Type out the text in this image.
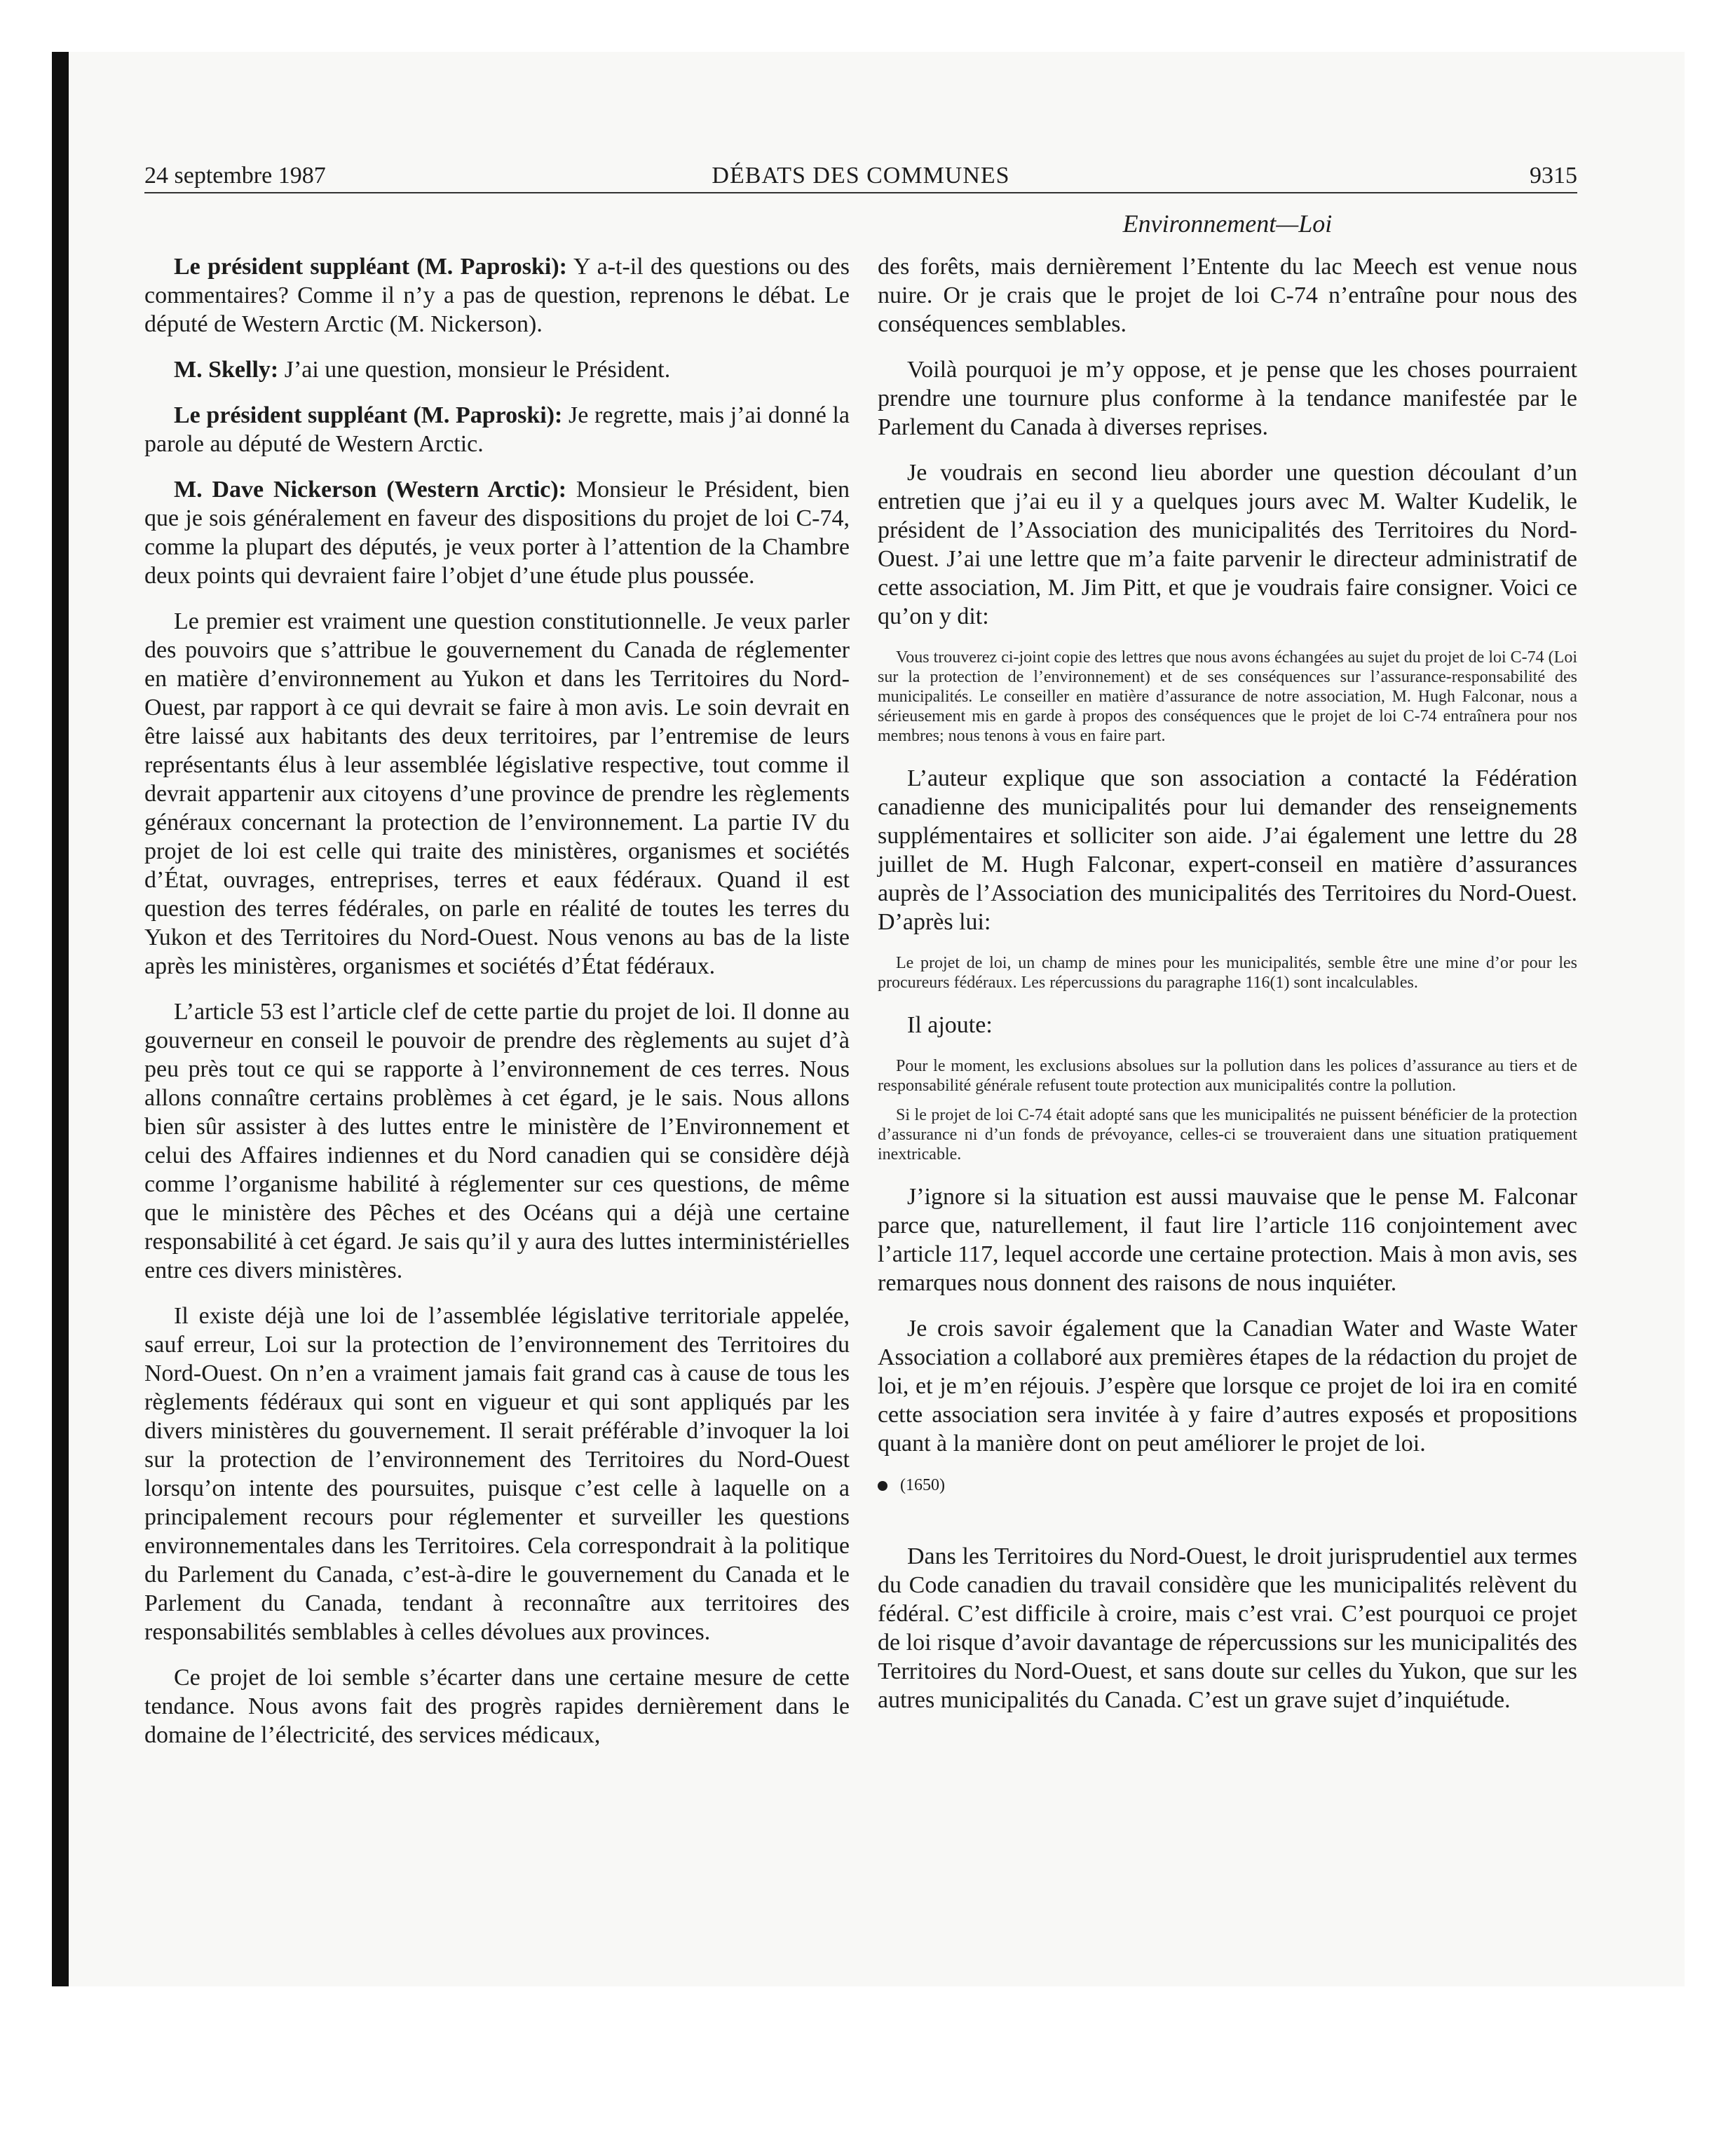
24 septembre 1987	DÉBATS DES COMMUNES	9315
Environnement—Loi

Le président suppléant (M. Paproski): Y a-t-il des questions ou des commentaires? Comme il n’y a pas de question, reprenons le débat. Le député de Western Arctic (M. Nickerson).

M. Skelly: J’ai une question, monsieur le Président.

Le président suppléant (M. Paproski): Je regrette, mais j’ai donné la parole au député de Western Arctic.

M. Dave Nickerson (Western Arctic): Monsieur le Président, bien que je sois généralement en faveur des dispositions du projet de loi C-74, comme la plupart des députés, je veux porter à l’attention de la Chambre deux points qui devraient faire l’objet d’une étude plus poussée.

Le premier est vraiment une question constitutionnelle. Je veux parler des pouvoirs que s’attribue le gouvernement du Canada de réglementer en matière d’environnement au Yukon et dans les Territoires du Nord-Ouest, par rapport à ce qui devrait se faire à mon avis. Le soin devrait en être laissé aux habitants des deux territoires, par l’entremise de leurs représentants élus à leur assemblée législative respective, tout comme il devrait appartenir aux citoyens d’une province de prendre les règlements généraux concernant la protection de l’environnement. La partie IV du projet de loi est celle qui traite des ministères, organismes et sociétés d’État, ouvrages, entreprises, terres et eaux fédéraux. Quand il est question des terres fédérales, on parle en réalité de toutes les terres du Yukon et des Territoires du Nord-Ouest. Nous venons au bas de la liste après les ministères, organismes et sociétés d’État fédéraux.

L’article 53 est l’article clef de cette partie du projet de loi. Il donne au gouverneur en conseil le pouvoir de prendre des règlements au sujet d’à peu près tout ce qui se rapporte à l’environnement de ces terres. Nous allons connaître certains problèmes à cet égard, je le sais. Nous allons bien sûr assister à des luttes entre le ministère de l’Environnement et celui des Affaires indiennes et du Nord canadien qui se considère déjà comme l’organisme habilité à réglementer sur ces questions, de même que le ministère des Pêches et des Océans qui a déjà une certaine responsabilité à cet égard. Je sais qu’il y aura des luttes interministérielles entre ces divers ministères.

Il existe déjà une loi de l’assemblée législative territoriale appelée, sauf erreur, Loi sur la protection de l’environnement des Territoires du Nord-Ouest. On n’en a vraiment jamais fait grand cas à cause de tous les règlements fédéraux qui sont en vigueur et qui sont appliqués par les divers ministères du gouvernement. Il serait préférable d’invoquer la loi sur la protection de l’environnement des Territoires du Nord-Ouest lorsqu’on intente des poursuites, puisque c’est celle à laquelle on a principalement recours pour réglementer et surveiller les questions environnementales dans les Territoires. Cela correspondrait à la politique du Parlement du Canada, c’est-à-dire le gouvernement du Canada et le Parlement du Canada, tendant à reconnaître aux territoires des responsabilités semblables à celles dévolues aux provinces.

Ce projet de loi semble s’écarter dans une certaine mesure de cette tendance. Nous avons fait des progrès rapides dernièrement dans le domaine de l’électricité, des services médicaux,

des forêts, mais dernièrement l’Entente du lac Meech est venue nous nuire. Or je crais que le projet de loi C-74 n’entraîne pour nous des conséquences semblables.

Voilà pourquoi je m’y oppose, et je pense que les choses pourraient prendre une tournure plus conforme à la tendance manifestée par le Parlement du Canada à diverses reprises.

Je voudrais en second lieu aborder une question découlant d’un entretien que j’ai eu il y a quelques jours avec M. Walter Kudelik, le président de l’Association des municipalités des Territoires du Nord-Ouest. J’ai une lettre que m’a faite parvenir le directeur administratif de cette association, M. Jim Pitt, et que je voudrais faire consigner. Voici ce qu’on y dit:

Vous trouverez ci-joint copie des lettres que nous avons échangées au sujet du projet de loi C-74 (Loi sur la protection de l’environnement) et de ses conséquences sur l’assurance-responsabilité des municipalités. Le conseiller en matière d’assurance de notre association, M. Hugh Falconar, nous a sérieusement mis en garde à propos des conséquences que le projet de loi C-74 entraînera pour nos membres; nous tenons à vous en faire part.

L’auteur explique que son association a contacté la Fédération canadienne des municipalités pour lui demander des renseignements supplémentaires et solliciter son aide. J’ai également une lettre du 28 juillet de M. Hugh Falconar, expert-conseil en matière d’assurances auprès de l’Association des municipalités des Territoires du Nord-Ouest. D’après lui:

Le projet de loi, un champ de mines pour les municipalités, semble être une mine d’or pour les procureurs fédéraux. Les répercussions du paragraphe 116(1) sont incalculables.

Il ajoute:

Pour le moment, les exclusions absolues sur la pollution dans les polices d’assurance au tiers et de responsabilité générale refusent toute protection aux municipalités contre la pollution.

Si le projet de loi C-74 était adopté sans que les municipalités ne puissent bénéficier de la protection d’assurance ni d’un fonds de prévoyance, celles-ci se trouveraient dans une situation pratiquement inextricable.

J’ignore si la situation est aussi mauvaise que le pense M. Falconar parce que, naturellement, il faut lire l’article 116 conjointement avec l’article 117, lequel accorde une certaine protection. Mais à mon avis, ses remarques nous donnent des raisons de nous inquiéter.

Je crois savoir également que la Canadian Water and Waste Water Association a collaboré aux premières étapes de la rédaction du projet de loi, et je m’en réjouis. J’espère que lorsque ce projet de loi ira en comité cette association sera invitée à y faire d’autres exposés et propositions quant à la manière dont on peut améliorer le projet de loi.

(1650)

Dans les Territoires du Nord-Ouest, le droit jurisprudentiel aux termes du Code canadien du travail considère que les municipalités relèvent du fédéral. C’est difficile à croire, mais c’est vrai. C’est pourquoi ce projet de loi risque d’avoir davantage de répercussions sur les municipalités des Territoires du Nord-Ouest, et sans doute sur celles du Yukon, que sur les autres municipalités du Canada. C’est un grave sujet d’inquiétude.
